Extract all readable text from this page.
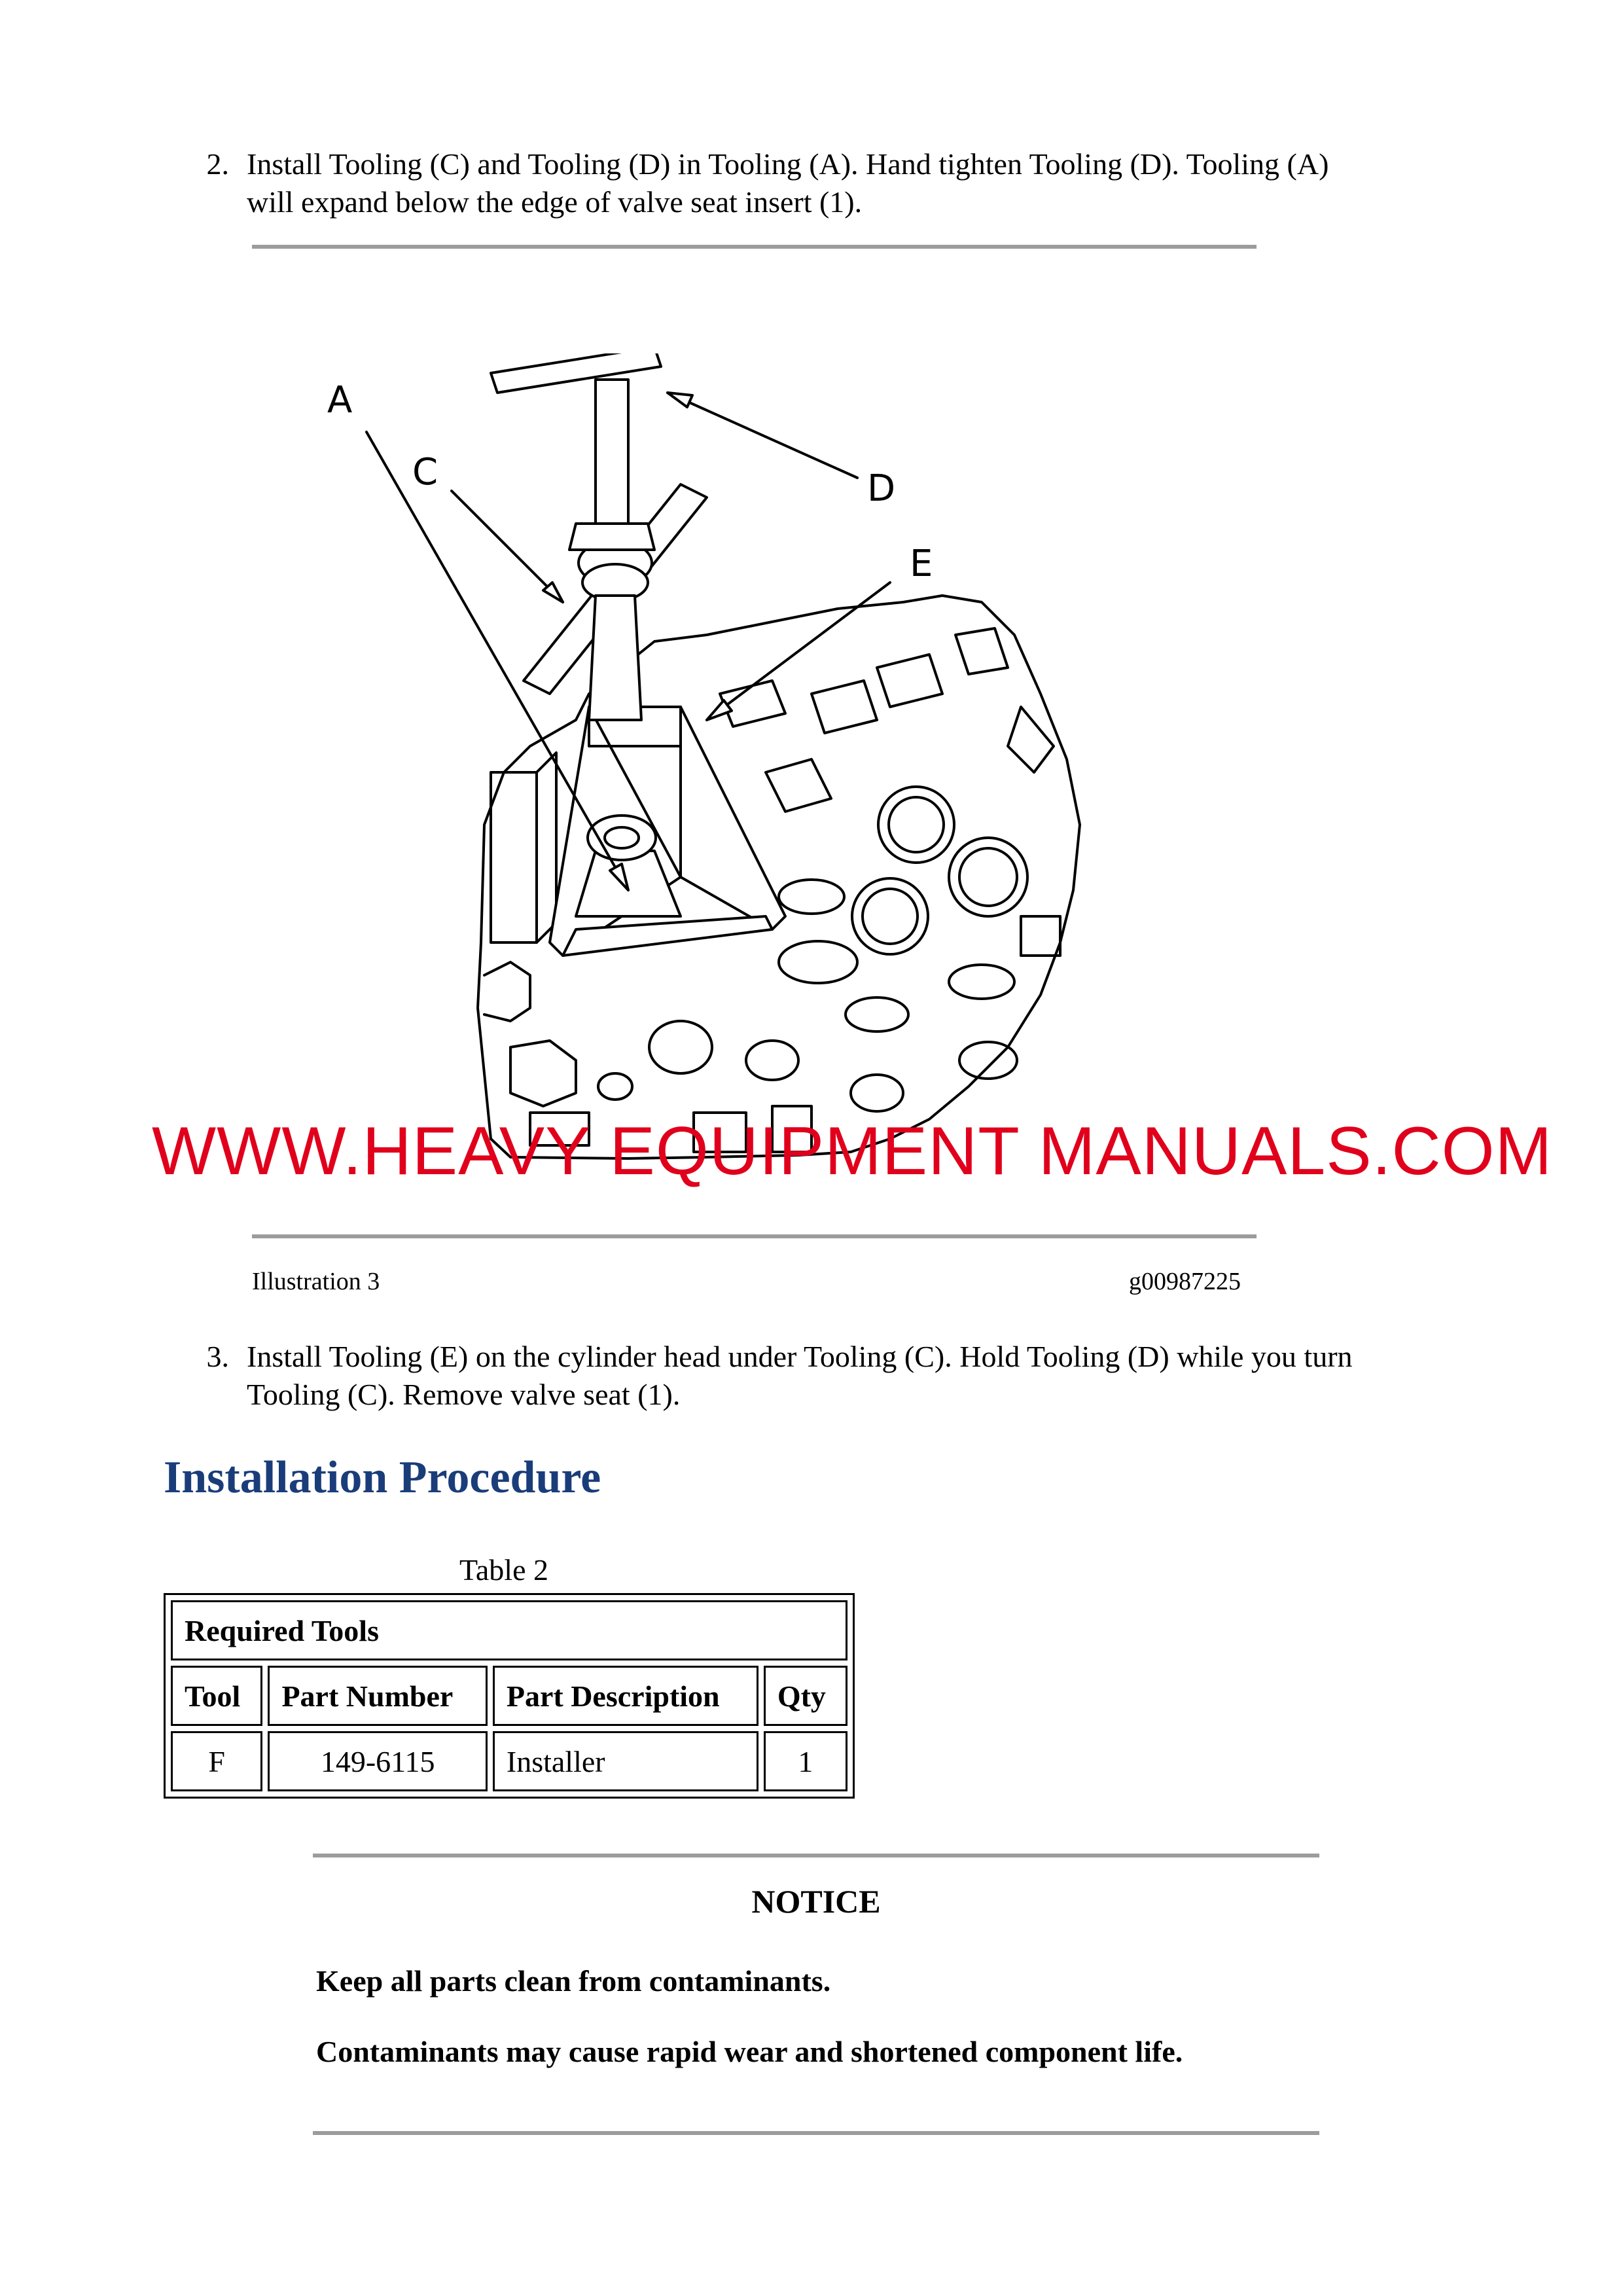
2. Install Tooling (C) and Tooling (D) in Tooling (A). Hand tighten Tooling (D). Tooling (A)
will expand below the edge of valve seat insert (1).
A
C	D
E
WWW.HEAVY EQUIPMENT MANUALS.COM
Illustration 3	g00987225
3. Install Tooling (E) on the cylinder head under Tooling (C). Hold Tooling (D) while you turn
Tooling (C). Remove valve seat (1).
Installation Procedure
Table 2
Required Tools			
Tool	Part Number	Part Description	Qty
F	149-6115	Installer	1
NOTICE
Keep all parts clean from contaminants.
Contaminants may cause rapid wear and shortened component life.
